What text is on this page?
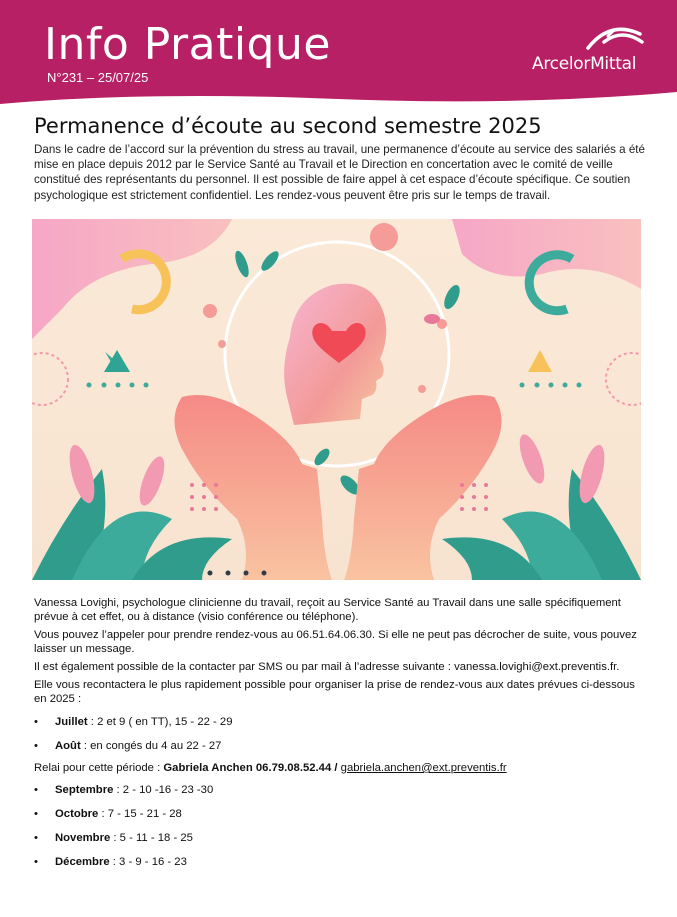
Info Pratique
N°231 – 25/07/25
ArcelorMittal
Permanence d’écoute au second semestre 2025

Dans le cadre de l’accord sur la prévention du stress au travail, une permanence d’écoute au service des salariés a été mise en place depuis 2012 par le Service Santé au Travail et le Direction en concertation avec le comité de veille constitué des représentants du personnel. Il est possible de faire appel à cet espace d’écoute spécifique. Ce soutien psychologique est strictement confidentiel. Les rendez-vous peuvent être pris sur le temps de travail.

Vanessa Lovighi, psychologue clinicienne du travail, reçoit au Service Santé au Travail dans une salle spécifiquement prévue à cet effet, ou à distance (visio conférence ou téléphone).

Vous pouvez l’appeler pour prendre rendez-vous au 06.51.64.06.30. Si elle ne peut pas décrocher de suite, vous pouvez laisser un message.

Il est également possible de la contacter par SMS ou par mail à l’adresse suivante : vanessa.lovighi@ext.preventis.fr.

Elle vous recontactera le plus rapidement possible pour organiser la prise de rendez-vous aux dates prévues ci-dessous en 2025 :

• Juillet : 2 et 9 ( en TT), 15 - 22 - 29
• Août : en congés du 4 au 22 - 27

Relai pour cette période : Gabriela Anchen 06.79.08.52.44 / gabriela.anchen@ext.preventis.fr

• Septembre : 2 - 10 -16 - 23 -30
• Octobre : 7 - 15 - 21 - 28
• Novembre : 5 - 11 - 18 - 25
• Décembre : 3 - 9 - 16 - 23
